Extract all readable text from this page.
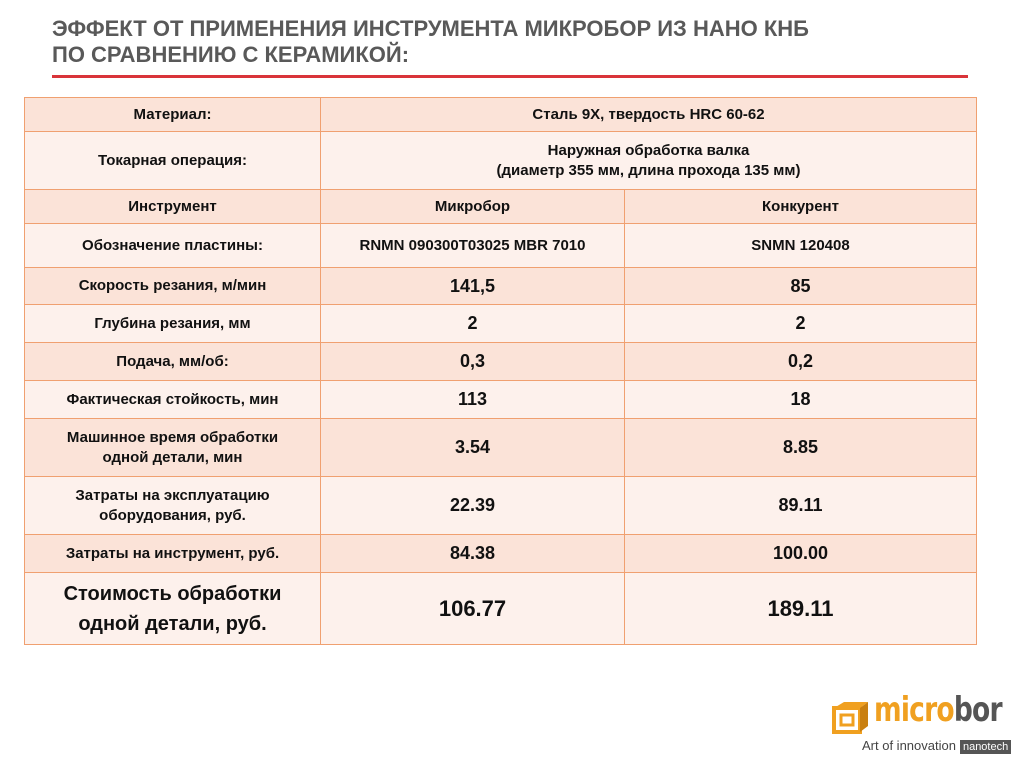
ЭФФЕКТ ОТ ПРИМЕНЕНИЯ ИНСТРУМЕНТА МИКРОБОР ИЗ НАНО КНБ
ПО СРАВНЕНИЮ С КЕРАМИКОЙ:
Материал:	Сталь 9Х, твердость HRC 60-62	
Токарная операция:	Наружная обработка валка
(диаметр 355 мм, длина прохода 135 мм)	

Инструмент	Микробор	Конкурент
Обозначение пластины:	RNMN 090300T03025 MBR 7010	SNMN 120408
Скорость резания, м/мин	141,5	85
Глубина резания, мм	2	2
Подача, мм/об:	0,3	0,2
Фактическая стойкость, мин	113	18

Машинное время обработки
одной детали, мин	3.54	8.85

Затраты на эксплуатацию
оборудования, руб.	22.39	89.11
Затраты на инструмент, руб.	84.38	100.00

Стоимость обработки
одной детали, руб.	106.77	189.11
microbor
Art of innovation nanotech
